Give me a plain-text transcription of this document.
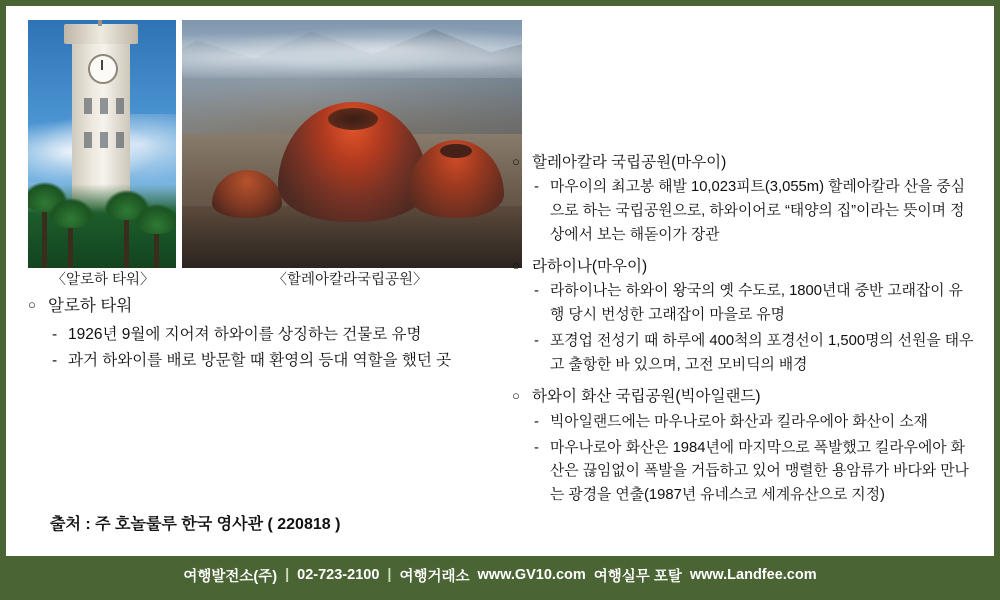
〈알로하 타워〉	〈할레아칼라국립공원〉
○ 알로하 타워
- 1926년 9월에 지어져 하와이를 상징하는 건물로 유명
- 과거 하와이를 배로 방문할 때 환영의 등대 역할을 했던 곳
○ 할레아칼라 국립공원(마우이)
- 마우이의 최고봉 해발 10,023피트(3,055m) 할레아칼라 산을 중심으로 하는 국립공원으로, 하와이어로 “태양의 집”이라는 뜻이며 정상에서 보는 해돋이가 장관
○ 라하이나(마우이)
- 라하이나는 하와이 왕국의 옛 수도로, 1800년대 중반 고래잡이 유행 당시 번성한 고래잡이 마을로 유명
- 포경업 전성기 때 하루에 400척의 포경선이 1,500명의 선원을 태우고 출항한 바 있으며, 고전 모비딕의 배경
○ 하와이 화산 국립공원(빅아일랜드)
- 빅아일랜드에는 마우나로아 화산과 킬라우에아 화산이 소재
- 마우나로아 화산은 1984년에 마지막으로 폭발했고 킬라우에아 화산은 끊임없이 폭발을 거듭하고 있어 맹렬한 용암류가 바다와 만나는 광경을 연출(1987년 유네스코 세계유산으로 지정)
출처 : 주 호놀룰루 한국 영사관 ( 220818 )
여행발전소(주) | 02-723-2100 | 여행거래소 www.GV10.com 여행실무 포탈 www.Landfee.com
